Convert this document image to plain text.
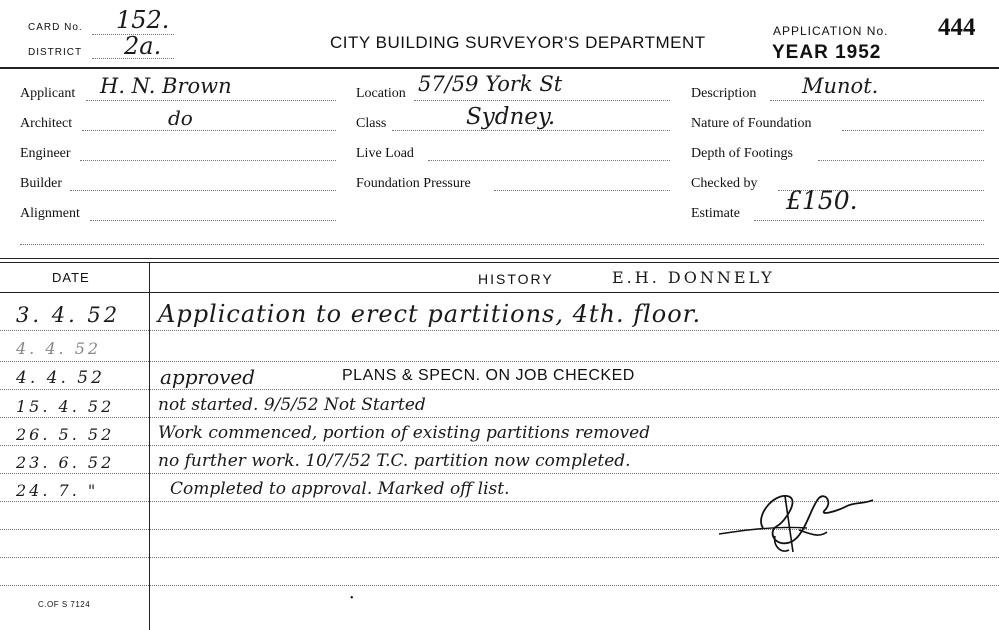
CARD No. 152.
DISTRICT 2a.	CITY BUILDING SURVEYOR'S DEPARTMENT
APPLICATION No. 444
YEAR 1952
Applicant H. N. Brown
Architect	do
Engineer
Builder
Alignment
Location 57/59 York St
Class	Sydney.
Live Load
Foundation Pressure
Description Munot.
Nature of Foundation
Depth of Footings
Checked by
Estimate £150.
DATE	HISTORY	E.H. DONNELY
3. 4. 52 Application to erect partitions, 4th. floor.
4. 4. 52
4. 4. 52	approved	PLANS & SPECN. ON JOB CHECKED
15. 4. 52	not started. 9/5/52 Not Started
26. 5. 52	Work commenced, portion of existing partitions removed
23. 6. 52	no further work. 10/7/52 T.C. partition now completed.
24. 7. "	Completed to approval. Marked off list.
•
C.OF S 7124
